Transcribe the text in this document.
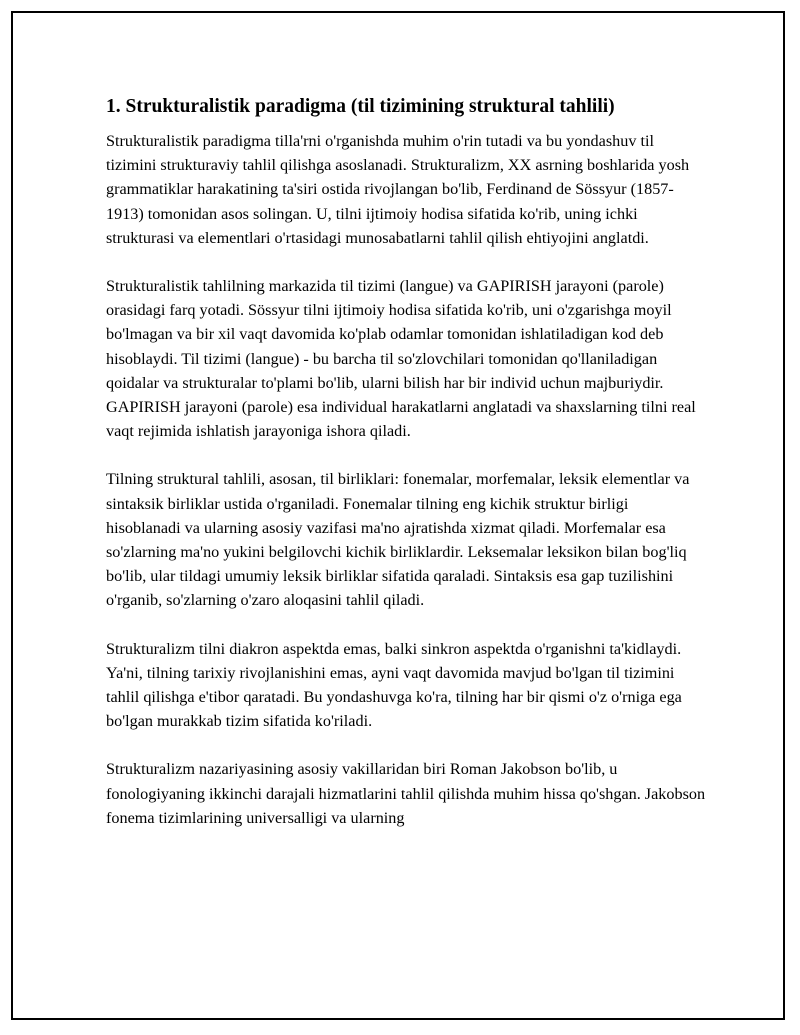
1. Strukturalistik paradigma (til tizimining struktural tahlili)

Strukturalistik paradigma tilla'rni o'rganishda muhim o'rin tutadi va bu yondashuv til tizimini strukturaviy tahlil qilishga asoslanadi. Strukturalizm, XX asrning boshlarida yosh grammatiklar harakatining ta'siri ostida rivojlangan bo'lib, Ferdinand de Sössyur (1857-1913) tomonidan asos solingan. U, tilni ijtimoiy hodisa sifatida ko'rib, uning ichki strukturasi va elementlari o'rtasidagi munosabatlarni tahlil qilish ehtiyojini anglatdi.

Strukturalistik tahlilning markazida til tizimi (langue) va GAPIRISH jarayoni (parole) orasidagi farq yotadi. Sössyur tilni ijtimoiy hodisa sifatida ko'rib, uni o'zgarishga moyil bo'lmagan va bir xil vaqt davomida ko'plab odamlar tomonidan ishlatiladigan kod deb hisoblaydi. Til tizimi (langue) - bu barcha til so'zlovchilari tomonidan qo'llaniladigan qoidalar va strukturalar to'plami bo'lib, ularni bilish har bir individ uchun majburiydir. GAPIRISH jarayoni (parole) esa individual harakatlarni anglatadi va shaxslarning tilni real vaqt rejimida ishlatish jarayoniga ishora qiladi.

Tilning struktural tahlili, asosan, til birliklari: fonemalar, morfemalar, leksik elementlar va sintaksik birliklar ustida o'rganiladi. Fonemalar tilning eng kichik struktur birligi hisoblanadi va ularning asosiy vazifasi ma'no ajratishda xizmat qiladi. Morfemalar esa so'zlarning ma'no yukini belgilovchi kichik birliklardir. Leksemalar leksikon bilan bog'liq bo'lib, ular tildagi umumiy leksik birliklar sifatida qaraladi. Sintaksis esa gap tuzilishini o'rganib, so'zlarning o'zaro aloqasini tahlil qiladi.

Strukturalizm tilni diakron aspektda emas, balki sinkron aspektda o'rganishni ta'kidlaydi. Ya'ni, tilning tarixiy rivojlanishini emas, ayni vaqt davomida mavjud bo'lgan til tizimini tahlil qilishga e'tibor qaratadi. Bu yondashuvga ko'ra, tilning har bir qismi o'z o'rniga ega bo'lgan murakkab tizim sifatida ko'riladi.

Strukturalizm nazariyasining asosiy vakillaridan biri Roman Jakobson bo'lib, u fonologiyaning ikkinchi darajali hizmatlarini tahlil qilishda muhim hissa qo'shgan. Jakobson fonema tizimlarining universalligi va ularning
